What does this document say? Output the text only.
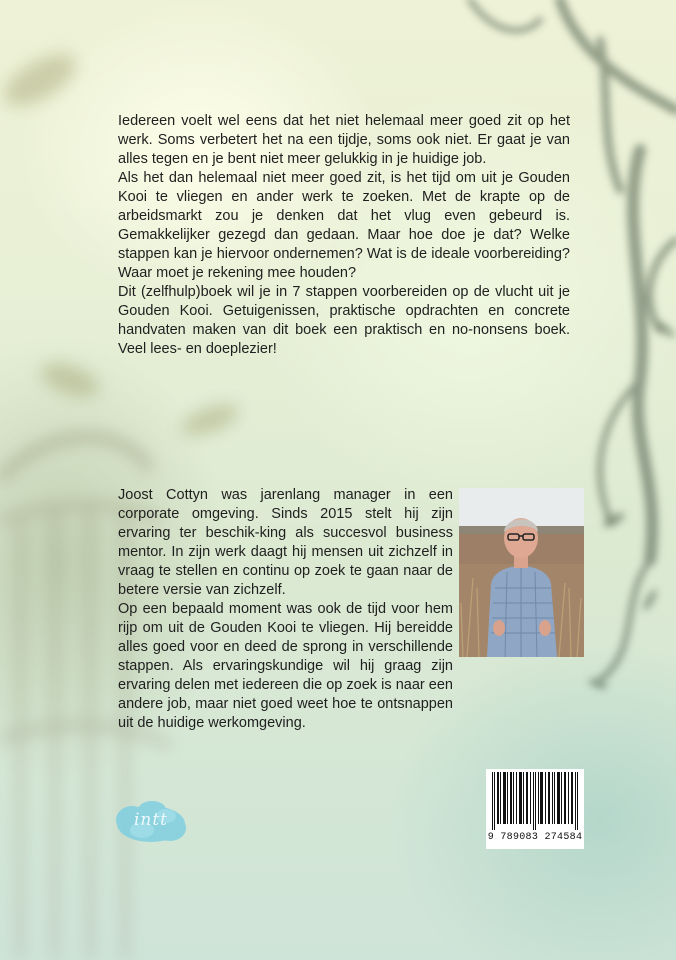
Iedereen voelt wel eens dat het niet helemaal meer goed zit op het werk. Soms verbetert het na een tijdje, soms ook niet. Er gaat je van alles tegen en je bent niet meer gelukkig in je huidige job.

Als het dan helemaal niet meer goed zit, is het tijd om uit je Gouden Kooi te vliegen en ander werk te zoeken. Met de krapte op de arbeidsmarkt zou je denken dat het vlug even gebeurd is. Gemakkelijker gezegd dan gedaan. Maar hoe doe je dat? Welke stappen kan je hiervoor ondernemen? Wat is de ideale voorbereiding? Waar moet je rekening mee houden?

Dit (zelfhulp)boek wil je in 7 stappen voorbereiden op de vlucht uit je Gouden Kooi. Getuigenissen, praktische opdrachten en concrete handvaten maken van dit boek een praktisch en no-nonsens boek. Veel lees- en doeplezier!

Joost Cottyn was jarenlang manager in een corporate omgeving. Sinds 2015 stelt hij zijn ervaring ter beschik-king als succesvol business mentor. In zijn werk daagt hij mensen uit zichzelf in vraag te stellen en continu op zoek te gaan naar de betere versie van zichzelf.

Op een bepaald moment was ook de tijd voor hem rijp om uit de Gouden Kooi te vliegen. Hij bereidde alles goed voor en deed de sprong in verschillende stappen. Als ervaringskundige wil hij graag zijn ervaring delen met iedereen die op zoek is naar een andere job, maar niet goed weet hoe te ontsnappen uit de huidige werkomgeving.

9 789083 274584
intt
